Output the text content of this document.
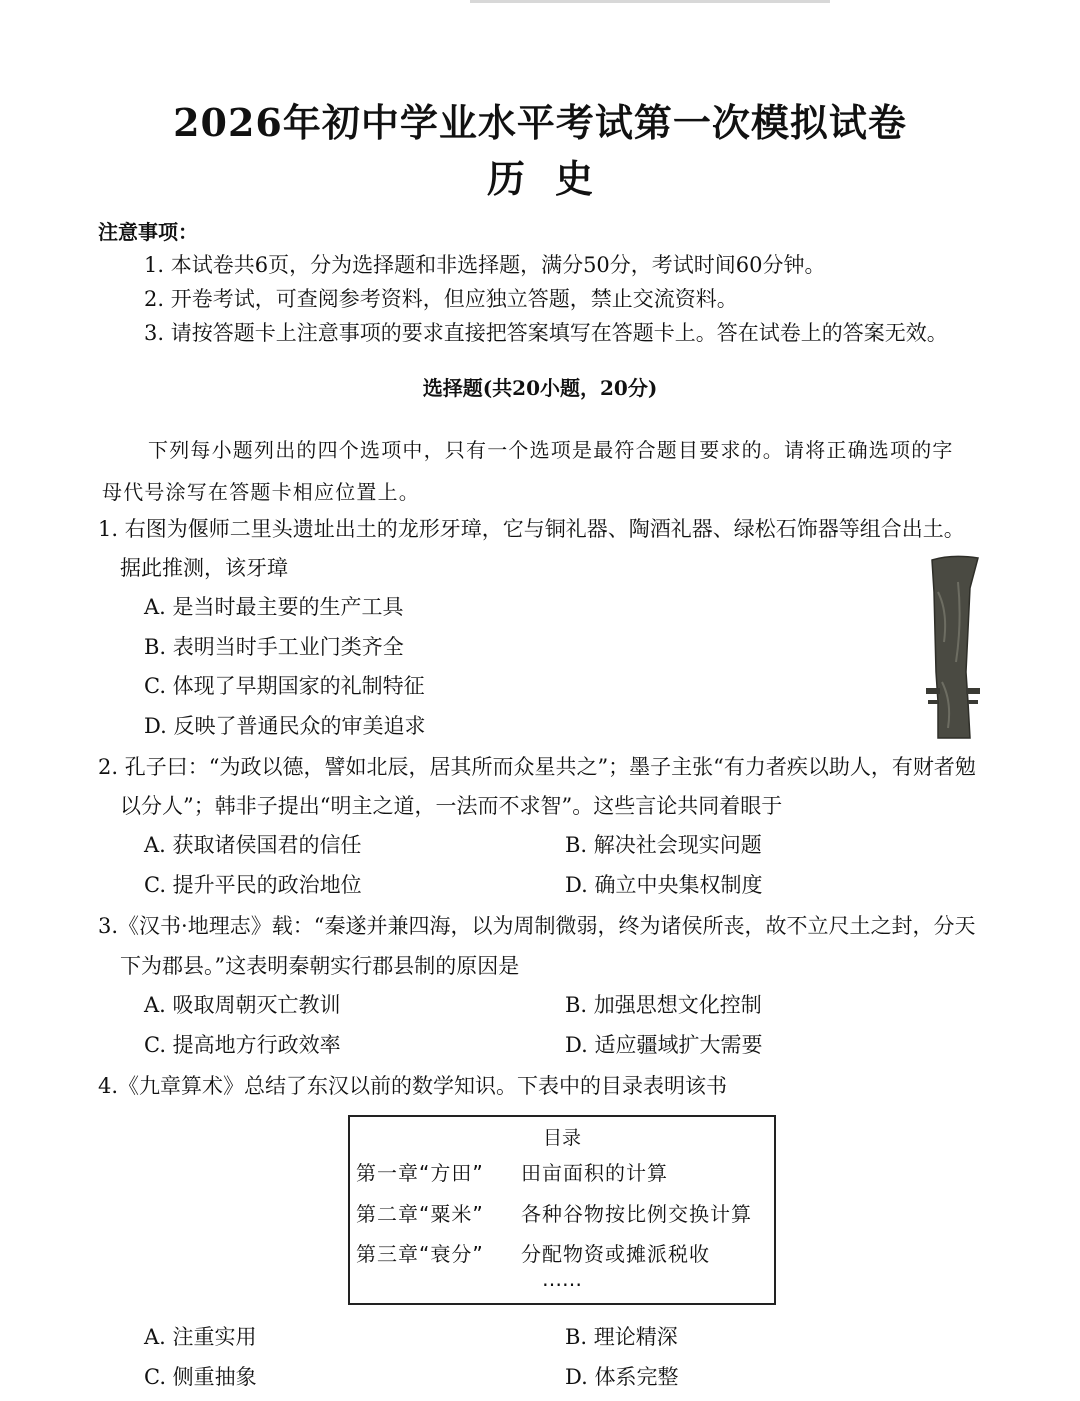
2026年初中学业水平考试第一次模拟试卷
历史
注意事项：
1. 本试卷共6页，分为选择题和非选择题，满分50分，考试时间60分钟。
2. 开卷考试，可查阅参考资料，但应独立答题，禁止交流资料。
3. 请按答题卡上注意事项的要求直接把答案填写在答题卡上。答在试卷上的答案无效。
选择题(共20小题，20分)
下列每小题列出的四个选项中，只有一个选项是最符合题目要求的。请将正确选项的字
母代号涂写在答题卡相应位置上。
1. 右图为偃师二里头遗址出土的龙形牙璋，它与铜礼器、陶酒礼器、绿松石饰器等组合出土。
据此推测，该牙璋
A. 是当时最主要的生产工具
B. 表明当时手工业门类齐全
C. 体现了早期国家的礼制特征
D. 反映了普通民众的审美追求
2. 孔子曰：“为政以德，譬如北辰，居其所而众星共之”；墨子主张“有力者疾以助人，有财者勉
以分人”；韩非子提出“明主之道，一法而不求智”。这些言论共同着眼于
A. 获取诸侯国君的信任	B. 解决社会现实问题
C. 提升平民的政治地位	D. 确立中央集权制度
3.《汉书·地理志》载：“秦遂并兼四海，以为周制微弱，终为诸侯所丧，故不立尺土之封，分天
下为郡县。”这表明秦朝实行郡县制的原因是
A. 吸取周朝灭亡教训	B. 加强思想文化控制
C. 提高地方行政效率	D. 适应疆域扩大需要
4.《九章算术》总结了东汉以前的数学知识。下表中的目录表明该书
目录
第一章“方田” 田亩面积的计算
第二章“粟米” 各种谷物按比例交换计算
第三章“衰分” 分配物资或摊派税收
……
A. 注重实用	B. 理论精深
C. 侧重抽象	D. 体系完整
